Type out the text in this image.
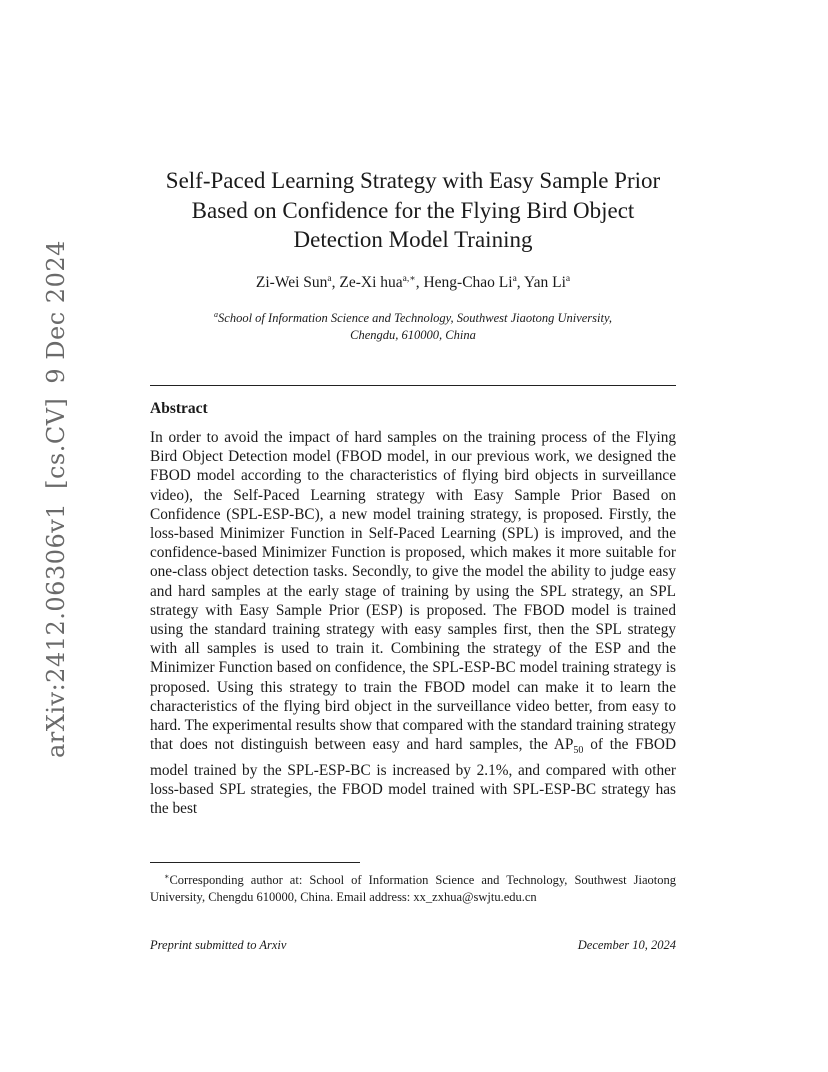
arXiv:2412.06306v1
[cs.CV]
9 Dec 2024
Self-Paced Learning Strategy with Easy Sample Prior Based on Confidence for the Flying Bird Object Detection Model Training
Zi-Wei Sun$^a$, Ze-Xi hua$^{a,∗}$, Heng-Chao Li$^a$, Yan Li$^a$
$^a$School of Information Science and Technology, Southwest Jiaotong University, Chengdu, 610000, China
Abstract
In order to avoid the impact of hard samples on the training process of the Flying Bird Object Detection model (FBOD model, in our previous work, we designed the FBOD model according to the characteristics of flying bird objects in surveillance video), the Self-Paced Learning strategy with Easy Sample Prior Based on Confidence (SPL-ESP-BC), a new model training strategy, is proposed. Firstly, the loss-based Minimizer Function in Self-Paced Learning (SPL) is improved, and the confidence-based Minimizer Function is proposed, which makes it more suitable for one-class object detection tasks. Secondly, to give the model the ability to judge easy and hard samples at the early stage of training by using the SPL strategy, an SPL strategy with Easy Sample Prior (ESP) is proposed. The FBOD model is trained using the standard training strategy with easy samples first, then the SPL strategy with all samples is used to train it. Combining the strategy of the ESP and the Minimizer Function based on confidence, the SPL-ESP-BC model training strategy is proposed. Using this strategy to train the FBOD model can make it to learn the characteristics of the flying bird object in the surveillance video better, from easy to hard. The experimental results show that compared with the standard training strategy that does not distinguish between easy and hard samples, the $AP_{50}$ of the FBOD model trained by the SPL-ESP-BC is increased by 2.1%, and compared with other loss-based SPL strategies, the FBOD model trained with SPL-ESP-BC strategy has the best
∗Corresponding author at: School of Information Science and Technology, Southwest Jiaotong University, Chengdu 610000, China. Email address: xx_zxhua@swjtu.edu.cn
Preprint submitted to Arxiv	December 10, 2024
